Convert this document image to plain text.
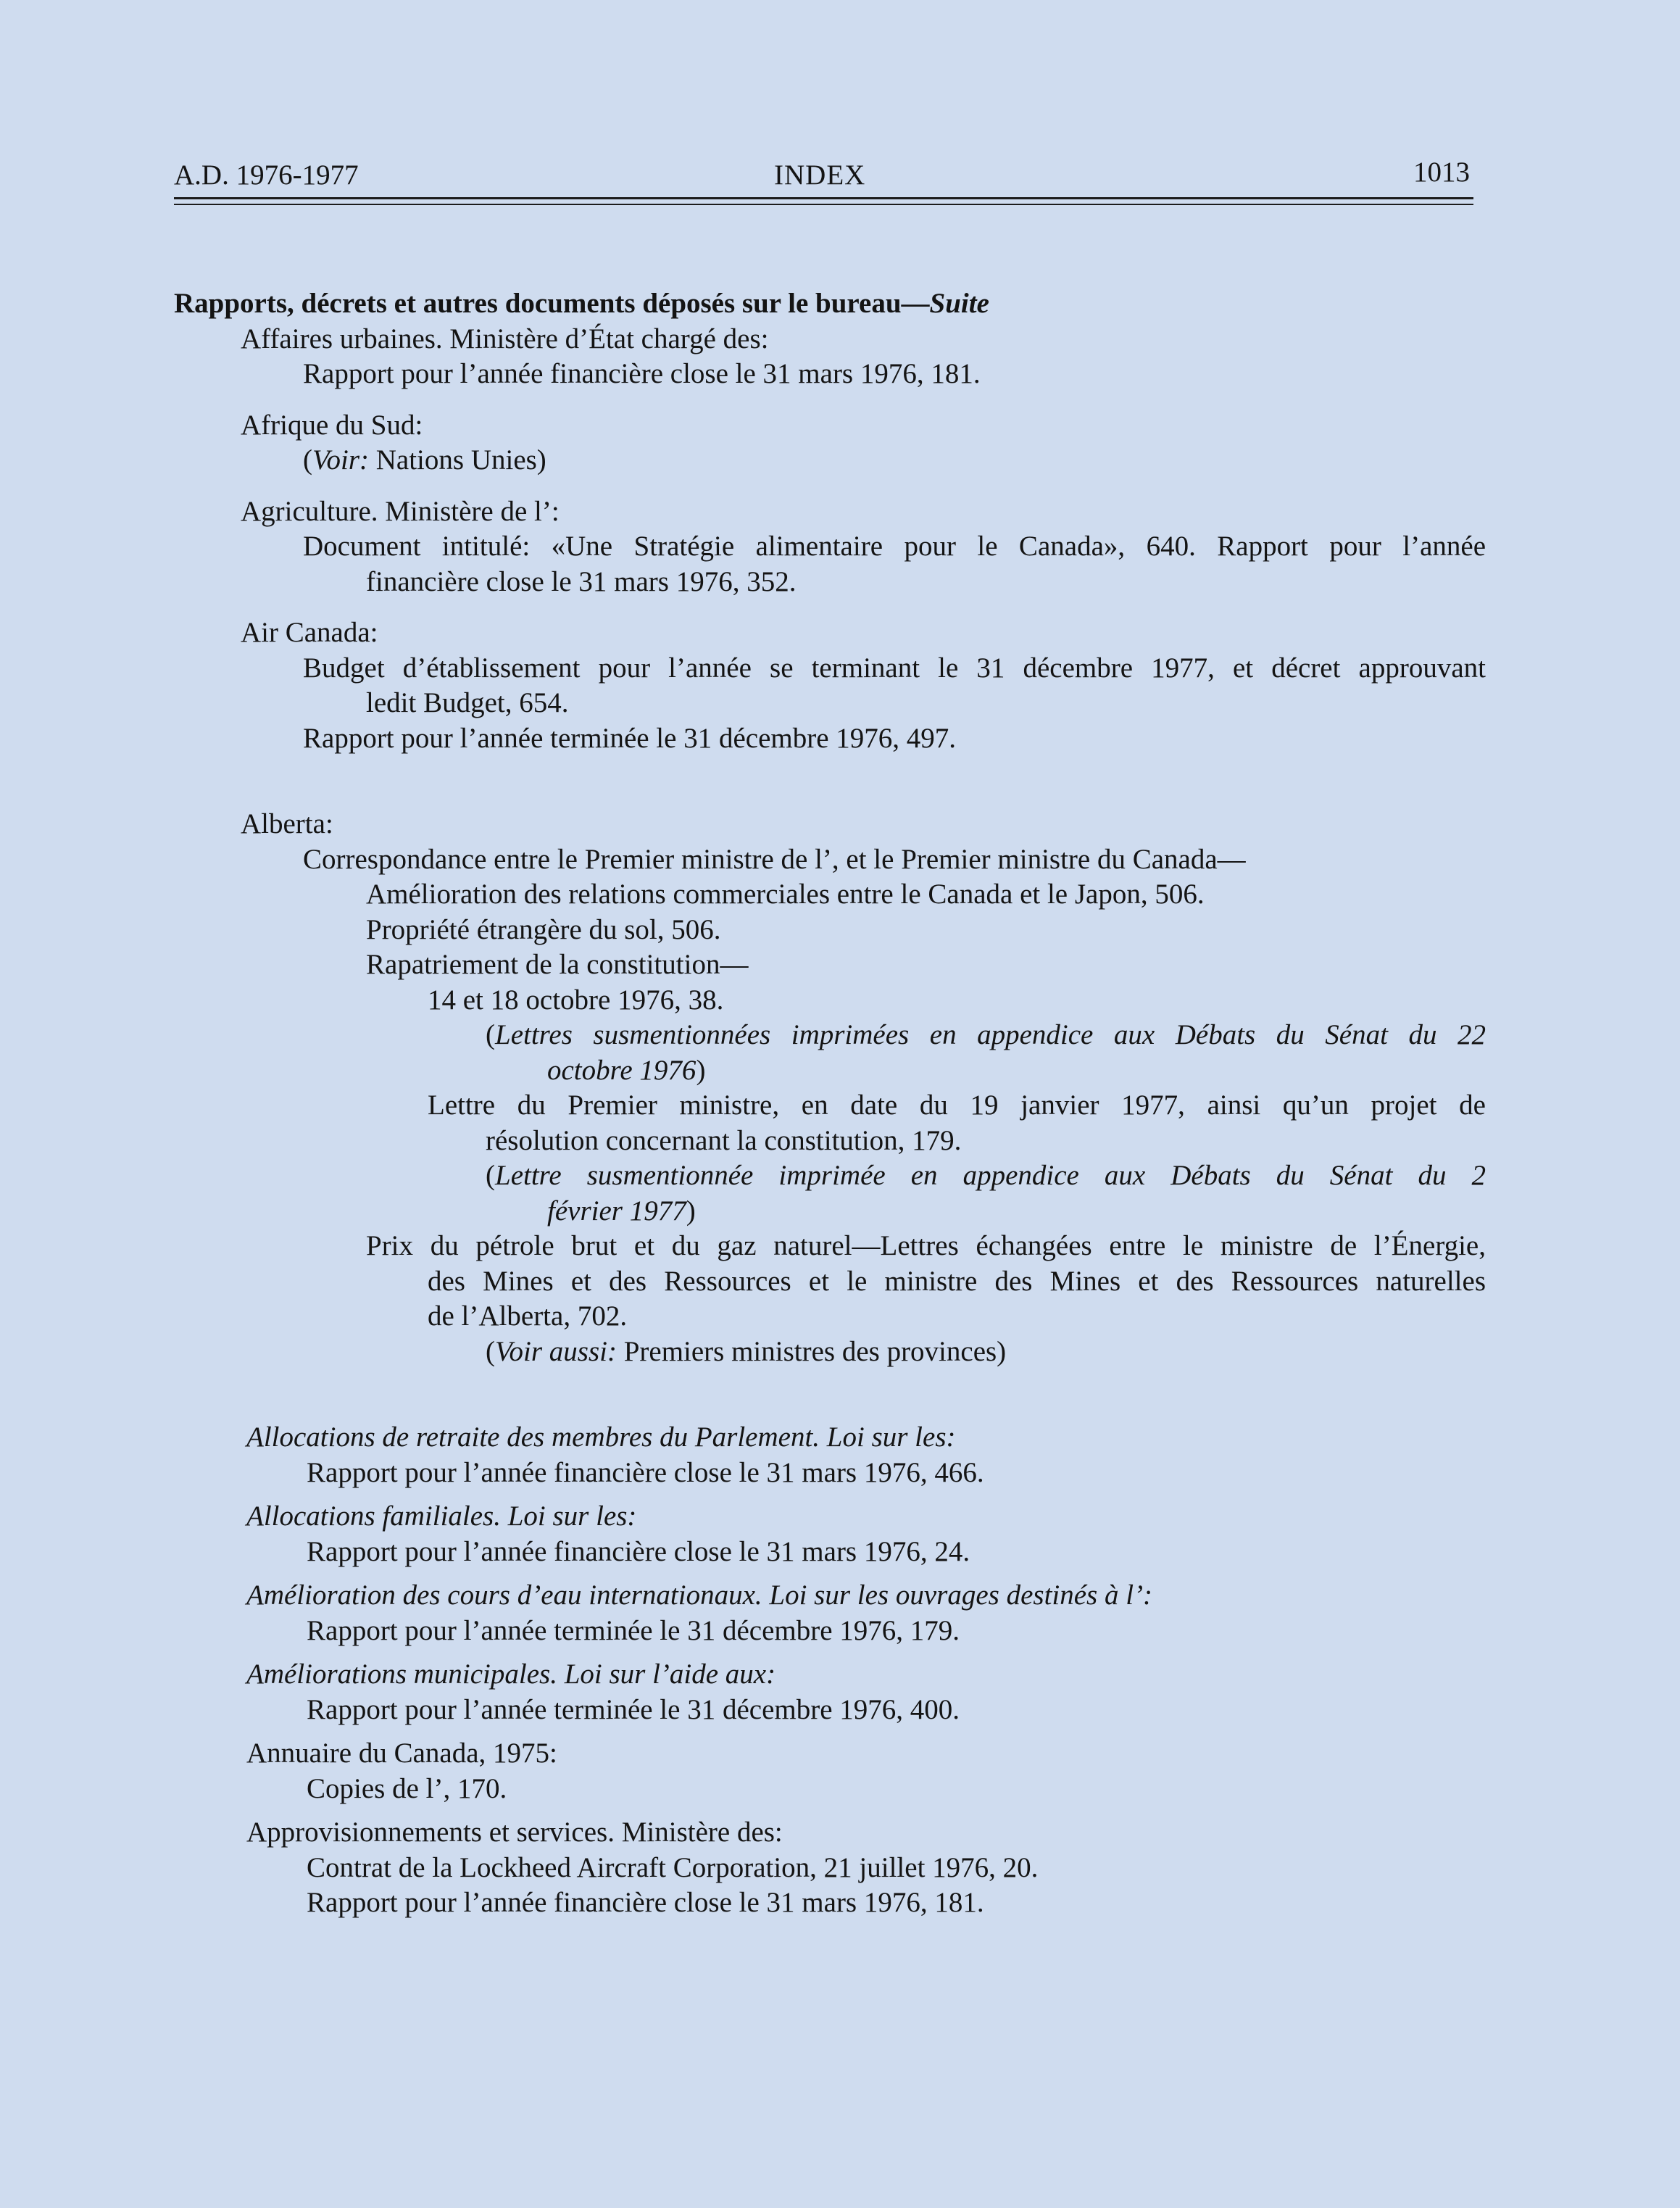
A.D. 1976-1977	INDEX	1013
Rapports, décrets et autres documents déposés sur le bureau—Suite
Affaires urbaines. Ministère d’État chargé des:
Rapport pour l’année financière close le 31 mars 1976, 181.
Afrique du Sud:
(Voir: Nations Unies)
Agriculture. Ministère de l’:
Document intitulé: «Une Stratégie alimentaire pour le Canada», 640. Rapport pour l’année
financière close le 31 mars 1976, 352.
Air Canada:
Budget d’établissement pour l’année se terminant le 31 décembre 1977, et décret approuvant
ledit Budget, 654.
Rapport pour l’année terminée le 31 décembre 1976, 497.
Alberta:
Correspondance entre le Premier ministre de l’, et le Premier ministre du Canada—
Amélioration des relations commerciales entre le Canada et le Japon, 506.
Propriété étrangère du sol, 506.
Rapatriement de la constitution—
14 et 18 octobre 1976, 38.
(Lettres susmentionnées imprimées en appendice aux Débats du Sénat du 22
octobre 1976)
Lettre du Premier ministre, en date du 19 janvier 1977, ainsi qu’un projet de
résolution concernant la constitution, 179.
(Lettre susmentionnée imprimée en appendice aux Débats du Sénat du 2
février 1977)
Prix du pétrole brut et du gaz naturel—Lettres échangées entre le ministre de l’Énergie,
des Mines et des Ressources et le ministre des Mines et des Ressources naturelles
de l’Alberta, 702.
(Voir aussi: Premiers ministres des provinces)
Allocations de retraite des membres du Parlement. Loi sur les:
Rapport pour l’année financière close le 31 mars 1976, 466.
Allocations familiales. Loi sur les:
Rapport pour l’année financière close le 31 mars 1976, 24.
Amélioration des cours d’eau internationaux. Loi sur les ouvrages destinés à l’:
Rapport pour l’année terminée le 31 décembre 1976, 179.
Améliorations municipales. Loi sur l’aide aux:
Rapport pour l’année terminée le 31 décembre 1976, 400.
Annuaire du Canada, 1975:
Copies de l’, 170.
Approvisionnements et services. Ministère des:
Contrat de la Lockheed Aircraft Corporation, 21 juillet 1976, 20.
Rapport pour l’année financière close le 31 mars 1976, 181.
